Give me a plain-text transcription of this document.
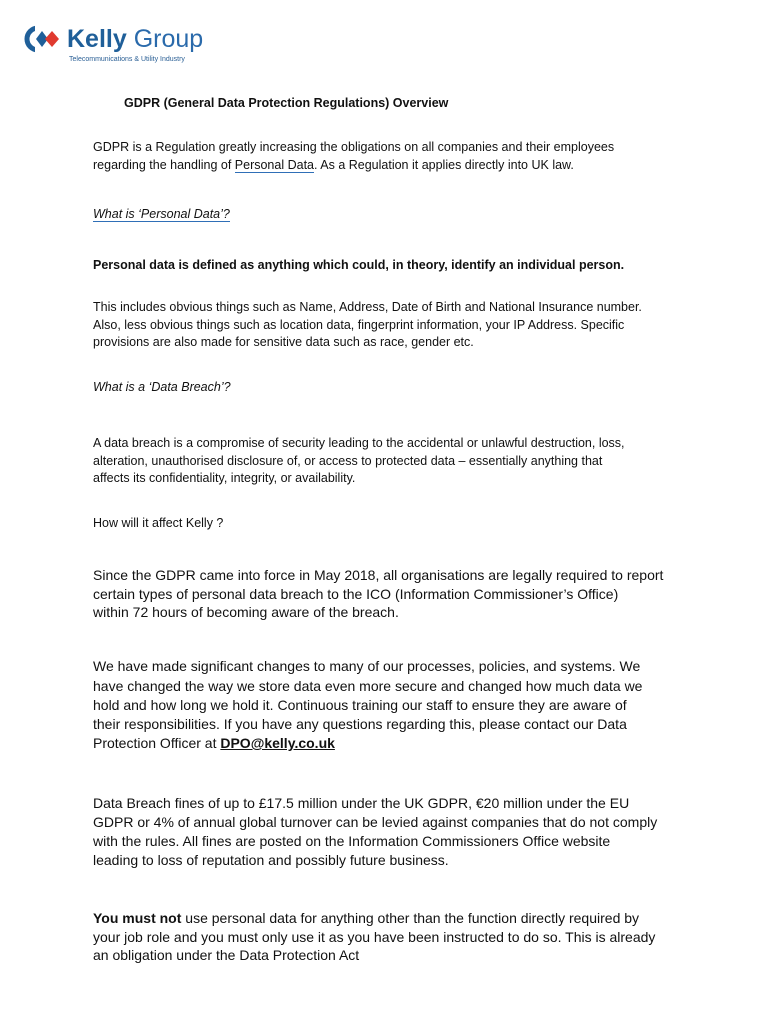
Kelly Group
Telecommunications & Utility Industry

GDPR (General Data Protection Regulations) Overview

GDPR is a Regulation greatly increasing the obligations on all companies and their employees

regarding the handling of Personal Data. As a Regulation it applies directly into UK law.

What is ‘Personal Data’?

Personal data is defined as anything which could, in theory, identify an individual person.

This includes obvious things such as Name, Address, Date of Birth and National Insurance number.

Also, less obvious things such as location data, fingerprint information, your IP Address. Specific

provisions are also made for sensitive data such as race, gender etc.

What is a ‘Data Breach’?

A data breach is a compromise of security leading to the accidental or unlawful destruction, loss,

alteration, unauthorised disclosure of, or access to protected data – essentially anything that

affects its confidentiality, integrity, or availability.

How will it affect Kelly ?

Since the GDPR came into force in May 2018, all organisations are legally required to report

certain types of personal data breach to the ICO (Information Commissioner’s Office)

within 72 hours of becoming aware of the breach.

We have made significant changes to many of our processes, policies, and systems. We

have changed the way we store data even more secure and changed how much data we

hold and how long we hold it. Continuous training our staff to ensure they are aware of

their responsibilities. If you have any questions regarding this, please contact our Data

Protection Officer at DPO@kelly.co.uk

Data Breach fines of up to £17.5 million under the UK GDPR, €20 million under the EU

GDPR or 4% of annual global turnover can be levied against companies that do not comply

with the rules. All fines are posted on the Information Commissioners Office website

leading to loss of reputation and possibly future business.

You must not use personal data for anything other than the function directly required by

your job role and you must only use it as you have been instructed to do so. This is already

an obligation under the Data Protection Act
